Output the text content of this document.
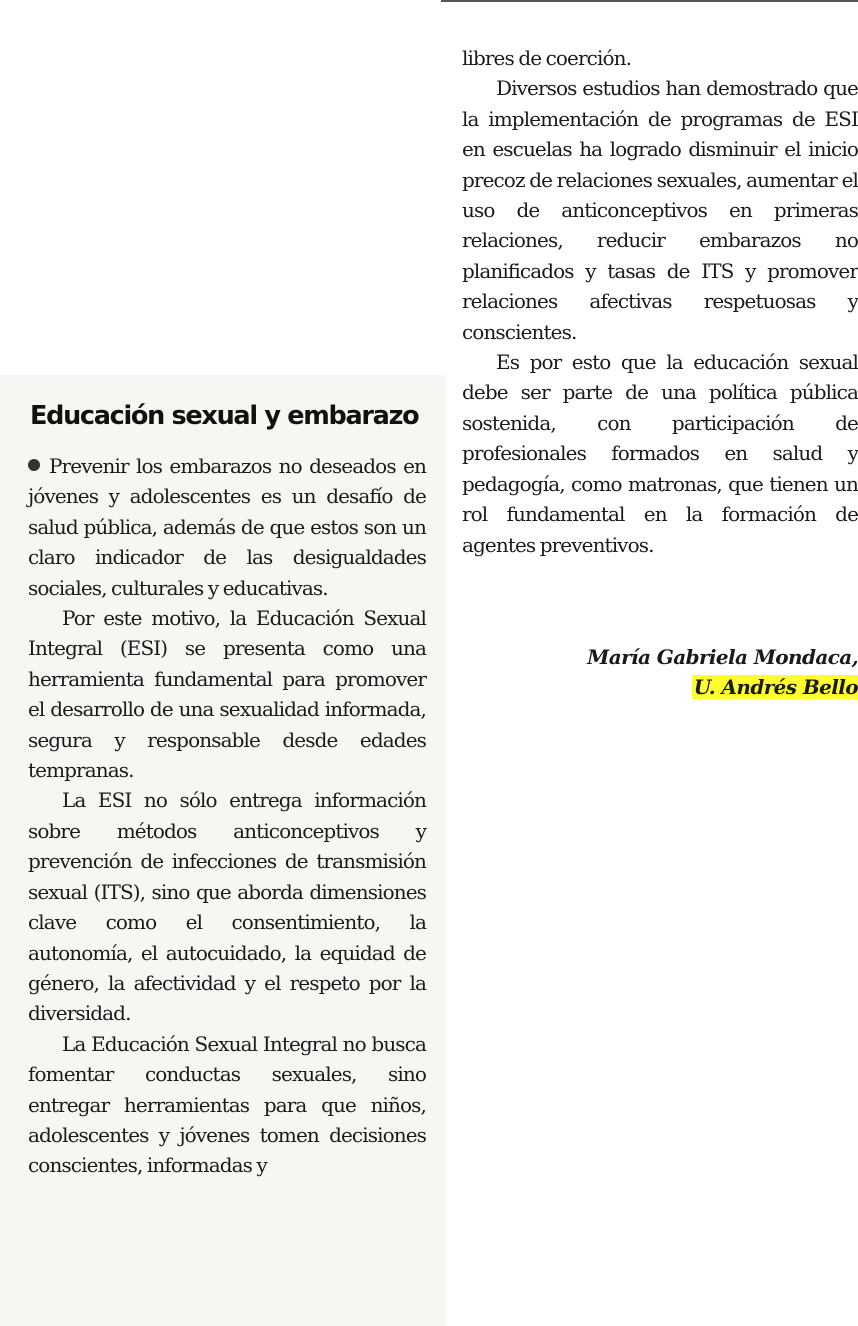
Educación sexual y embarazo

Prevenir los embarazos no deseados en jóvenes y adolescentes es un desafío de salud pública, además de que estos son un claro indicador de las desigualdades sociales, culturales y educativas.

Por este motivo, la Educación Sexual Integral (ESI) se presenta como una herramienta fundamental para promover el desarrollo de una sexualidad informada, segura y responsable desde edades tempranas.

La ESI no sólo entrega información sobre métodos anticonceptivos y prevención de infecciones de transmisión sexual (ITS), sino que aborda dimensiones clave como el consentimiento, la autonomía, el autocuidado, la equidad de género, la afectividad y el respeto por la diversidad.

La Educación Sexual Integral no busca fomentar conductas sexuales, sino entregar herramientas para que niños, adolescentes y jóvenes tomen decisiones conscientes, informadas y

libres de coerción.

Diversos estudios han demostrado que la implementación de programas de ESI en escuelas ha logrado disminuir el inicio precoz de relaciones sexuales, aumentar el uso de anticonceptivos en primeras relaciones, reducir embarazos no planificados y tasas de ITS y promover relaciones afectivas respetuosas y conscientes.

Es por esto que la educación sexual debe ser parte de una política pública sostenida, con participación de profesionales formados en salud y pedagogía, como matronas, que tienen un rol fundamental en la formación de agentes preventivos.

María Gabriela Mondaca,
U. Andrés Bello
